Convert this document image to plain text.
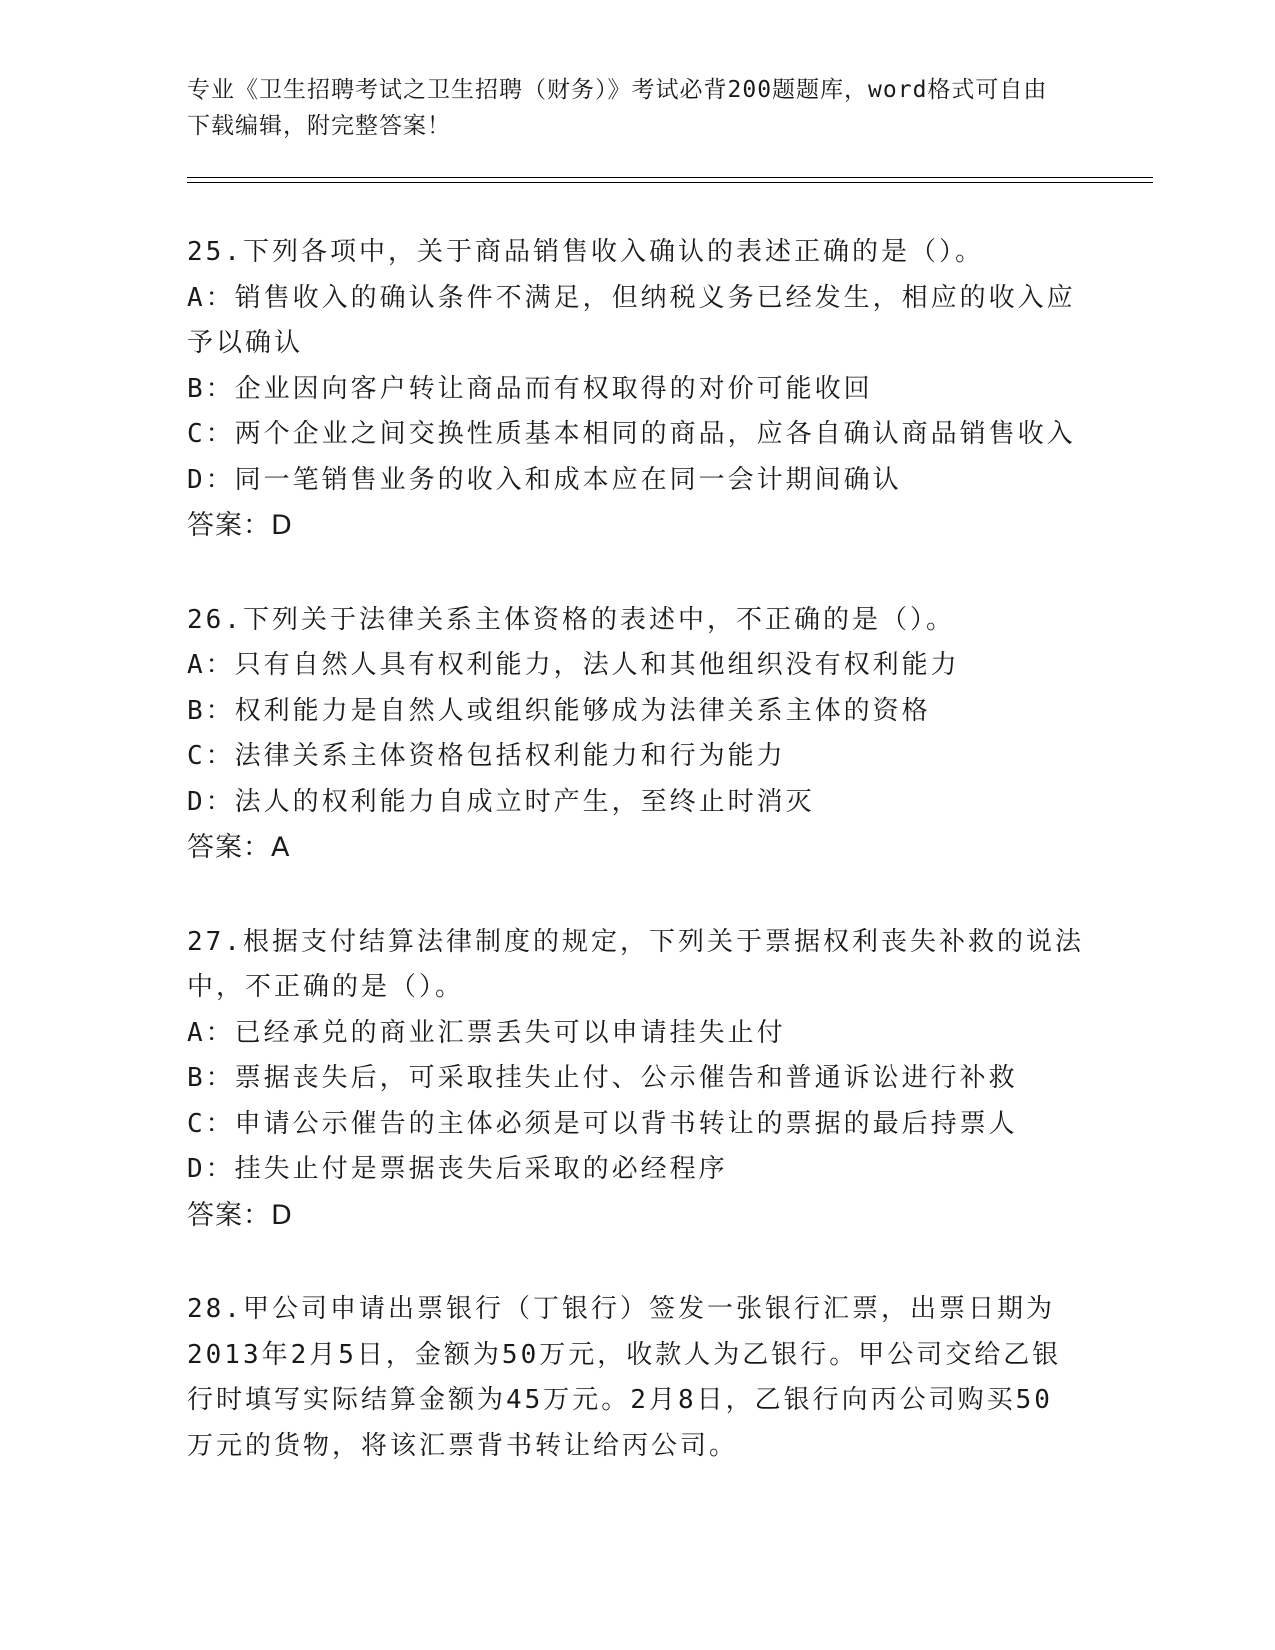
专业《卫生招聘考试之卫生招聘（财务）》考试必背200题题库，word格式可自由下载编辑，附完整答案！
25.下列各项中，关于商品销售收入确认的表述正确的是（）。
A：销售收入的确认条件不满足，但纳税义务已经发生，相应的收入应
予以确认
B：企业因向客户转让商品而有权取得的对价可能收回
C：两个企业之间交换性质基本相同的商品，应各自确认商品销售收入
D：同一笔销售业务的收入和成本应在同一会计期间确认
答案：D
26.下列关于法律关系主体资格的表述中，不正确的是（）。
A：只有自然人具有权利能力，法人和其他组织没有权利能力
B：权利能力是自然人或组织能够成为法律关系主体的资格
C：法律关系主体资格包括权利能力和行为能力
D：法人的权利能力自成立时产生，至终止时消灭
答案：A
27.根据支付结算法律制度的规定，下列关于票据权利丧失补救的说法
中，不正确的是（）。
A：已经承兑的商业汇票丢失可以申请挂失止付
B：票据丧失后，可采取挂失止付、公示催告和普通诉讼进行补救
C：申请公示催告的主体必须是可以背书转让的票据的最后持票人
D：挂失止付是票据丧失后采取的必经程序
答案：D
28.甲公司申请出票银行（丁银行）签发一张银行汇票，出票日期为
2013年2月5日，金额为50万元，收款人为乙银行。甲公司交给乙银
行时填写实际结算金额为45万元。2月8日，乙银行向丙公司购买50
万元的货物，将该汇票背书转让给丙公司。
